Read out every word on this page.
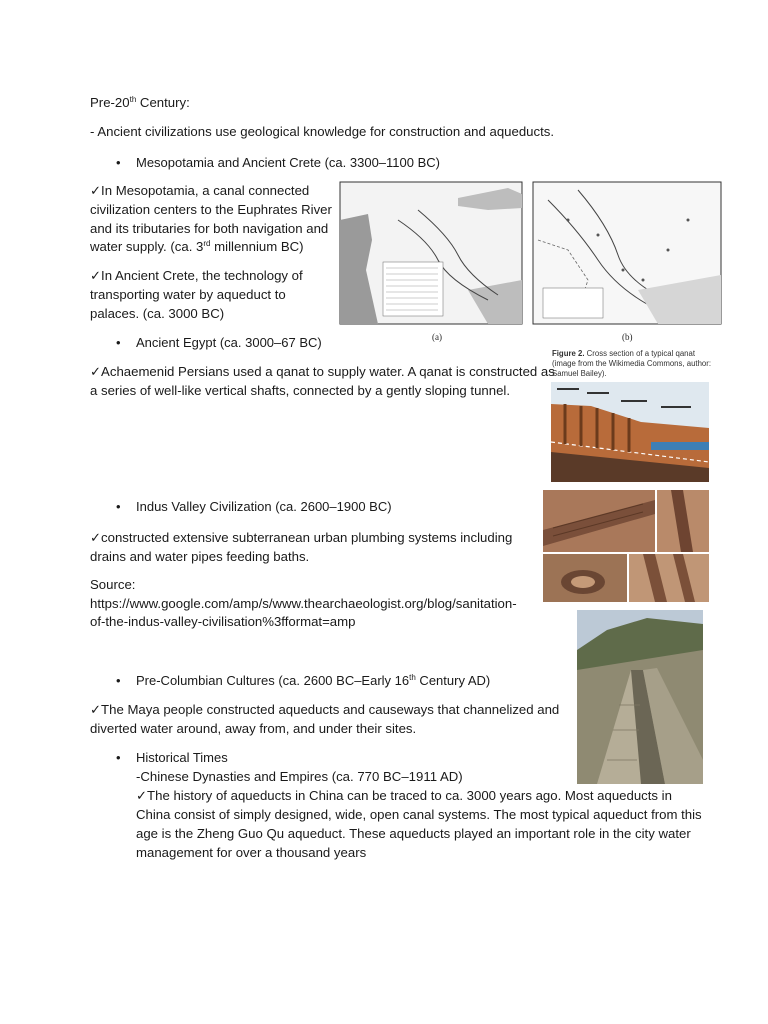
Pre-20th Century:
- Ancient civilizations use geological knowledge for construction and aqueducts.
• Mesopotamia and Ancient Crete (ca. 3300–1100 BC)
✓In Mesopotamia, a canal connected
civilization centers to the Euphrates River
and its tributaries for both navigation and
water supply. (ca. 3rd millennium BC)
✓In Ancient Crete, the technology of
transporting water by aqueduct to
palaces. (ca. 3000 BC)
• Ancient Egypt (ca. 3000–67 BC)
✓Achaemenid Persians used a qanat to supply water. A qanat is constructed as
a series of well-like vertical shafts, connected by a gently sloping tunnel.
• Indus Valley Civilization (ca. 2600–1900 BC)
✓constructed extensive subterranean urban plumbing systems including
drains and water pipes feeding baths.
Source:
https://www.google.com/amp/s/www.thearchaeologist.org/blog/sanitation-
of-the-indus-valley-civilisation%3fformat=amp
• Pre-Columbian Cultures (ca. 2600 BC–Early 16th Century AD)
✓The Maya people constructed aqueducts and causeways that channelized and
diverted water around, away from, and under their sites.
• Historical Times
-Chinese Dynasties and Empires (ca. 770 BC–1911 AD)
✓The history of aqueducts in China can be traced to ca. 3000 years ago. Most aqueducts in
China consist of simply designed, wide, open canal systems. The most typical aqueduct from this
age is the Zheng Guo Qu aqueduct. These aqueducts played an important role in the city water
management for over a thousand years
(a)	(b)
Figure 2. Cross section of a typical qanat (image from the Wikimedia Commons, author: Samuel Bailey).
